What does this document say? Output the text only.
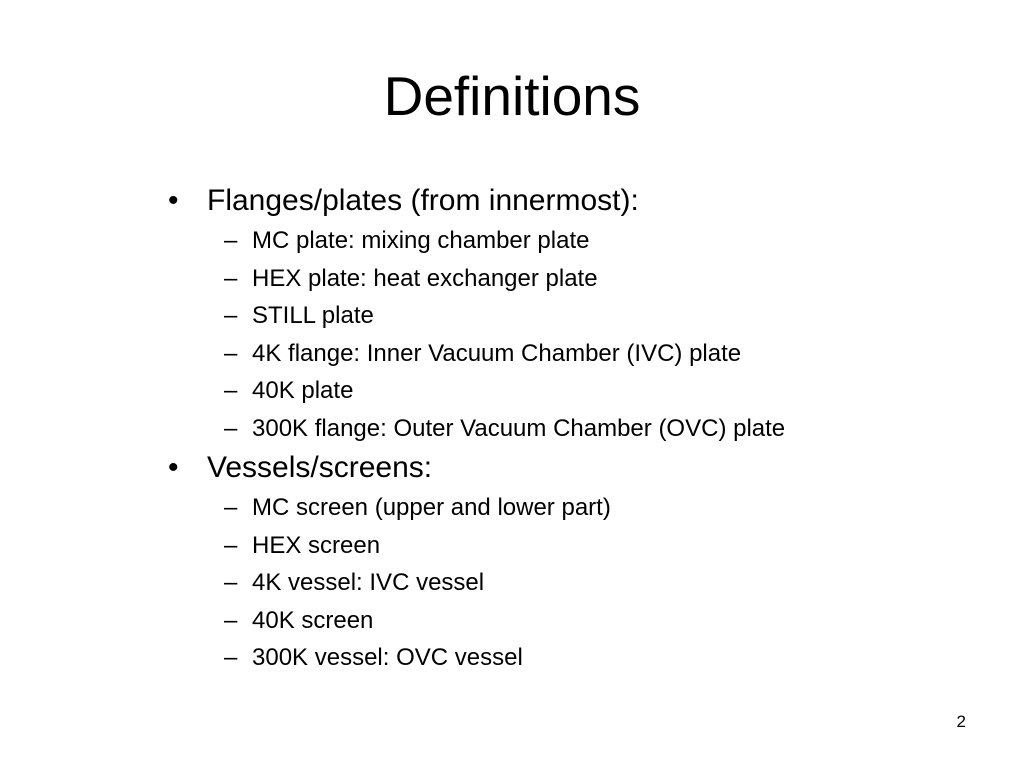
Definitions
• Flanges/plates (from innermost):
– MC plate: mixing chamber plate
– HEX plate: heat exchanger plate
– STILL plate
– 4K flange: Inner Vacuum Chamber (IVC) plate
– 40K plate
– 300K flange: Outer Vacuum Chamber (OVC) plate
• Vessels/screens:
– MC screen (upper and lower part)
– HEX screen
– 4K vessel: IVC vessel
– 40K screen
– 300K vessel: OVC vessel
2
